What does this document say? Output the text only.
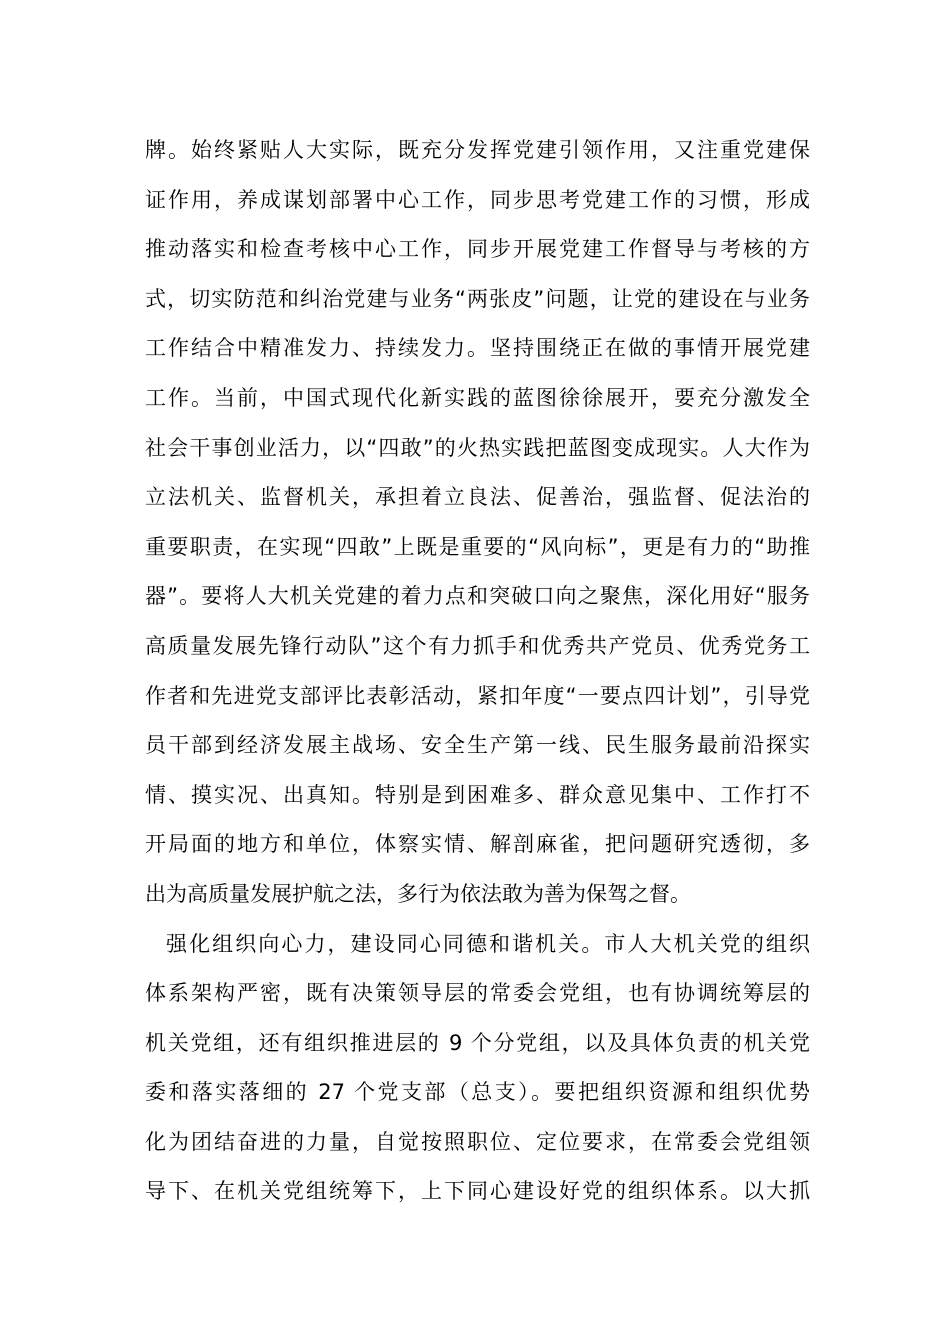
牌。始终紧贴人大实际，既充分发挥党建引领作用，又注重党建保
证作用，养成谋划部署中心工作，同步思考党建工作的习惯，形成
推动落实和检查考核中心工作，同步开展党建工作督导与考核的方
式，切实防范和纠治党建与业务“两张皮”问题，让党的建设在与业务
工作结合中精准发力、持续发力。坚持围绕正在做的事情开展党建
工作。当前，中国式现代化新实践的蓝图徐徐展开，要充分激发全
社会干事创业活力，以“四敢”的火热实践把蓝图变成现实。人大作为
立法机关、监督机关，承担着立良法、促善治，强监督、促法治的
重要职责，在实现“四敢”上既是重要的“风向标”，更是有力的“助推
器”。要将人大机关党建的着力点和突破口向之聚焦，深化用好“服务
高质量发展先锋行动队”这个有力抓手和优秀共产党员、优秀党务工
作者和先进党支部评比表彰活动，紧扣年度“一要点四计划”，引导党
员干部到经济发展主战场、安全生产第一线、民生服务最前沿探实
情、摸实况、出真知。特别是到困难多、群众意见集中、工作打不
开局面的地方和单位，体察实情、解剖麻雀，把问题研究透彻，多
出为高质量发展护航之法，多行为依法敢为善为保驾之督。
强化组织向心力，建设同心同德和谐机关。市人大机关党的组织
体系架构严密，既有决策领导层的常委会党组，也有协调统筹层的
机关党组，还有组织推进层的 9 个分党组，以及具体负责的机关党
委和落实落细的 27 个党支部（总支）。要把组织资源和组织优势
化为团结奋进的力量，自觉按照职位、定位要求，在常委会党组领
导下、在机关党组统筹下，上下同心建设好党的组织体系。以大抓
